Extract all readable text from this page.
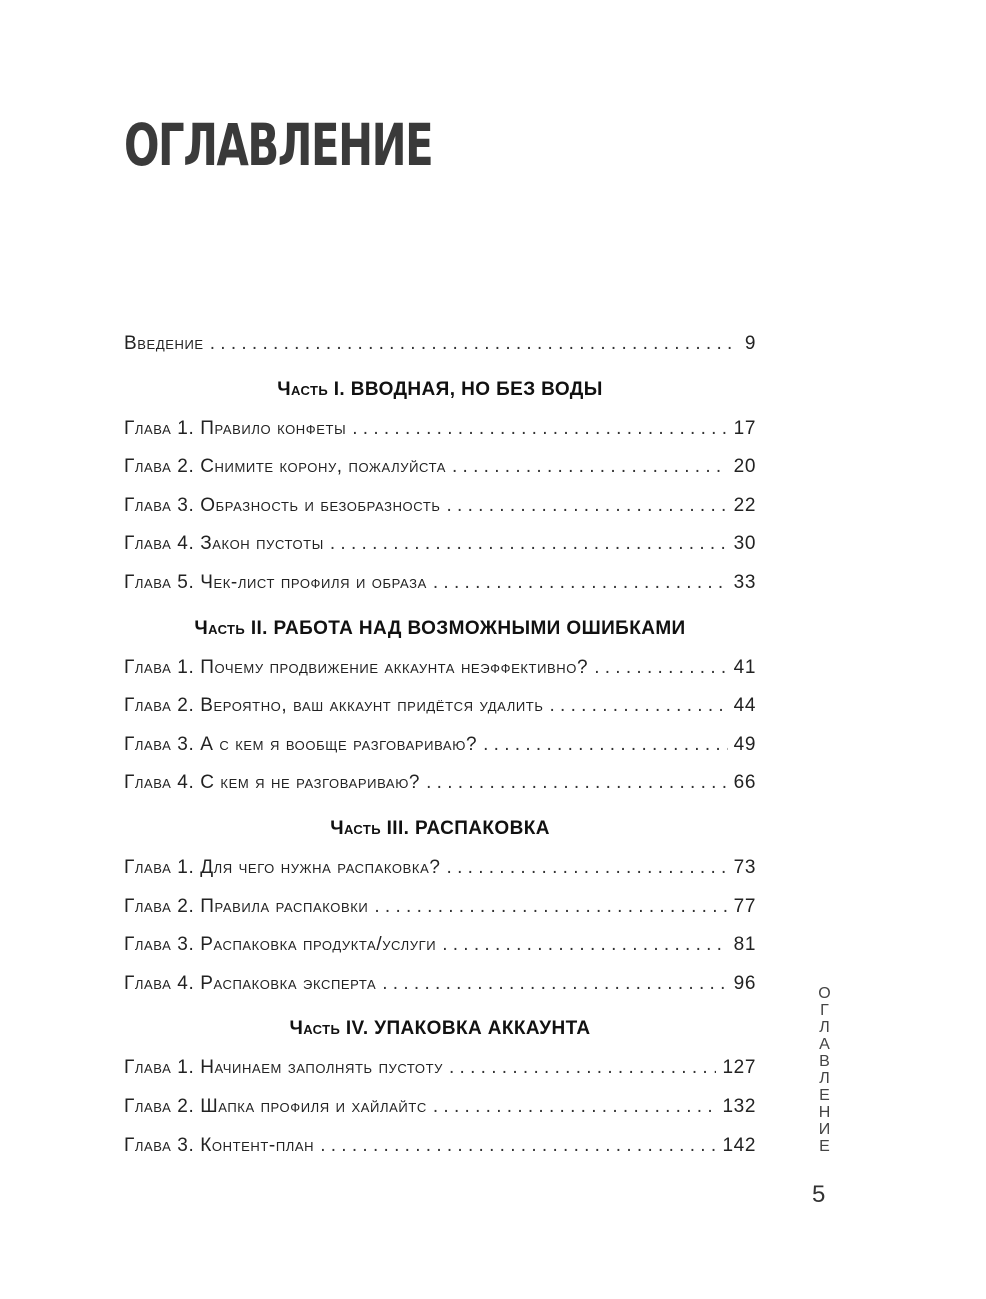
ОГЛАВЛЕНИЕ
Введение . . .	9
Часть I. ВВОДНАЯ, НО БЕЗ ВОДЫ
Глава 1. Правило конфеты . . .	17
Глава 2. Снимите корону, пожалуйста . . .	20
Глава 3. Образность и безобразность . . .	22
Глава 4. Закон пустоты . . .	30
Глава 5. Чек-лист профиля и образа . . .	33
Часть II. РАБОТА НАД ВОЗМОЖНЫМИ ОШИБКАМИ
Глава 1. Почему продвижение аккаунта неэффективно? . . .	41
Глава 2. Вероятно, ваш аккаунт придётся удалить . . .	44
Глава 3. А с кем я вообще разговариваю? . . .	49
Глава 4. С кем я не разговариваю? . . .	66
Часть III. РАСПАКОВКА
Глава 1. Для чего нужна распаковка? . . .	73
Глава 2. Правила распаковки . . .	77
Глава 3. Распаковка продукта/услуги . . .	81
Глава 4. Распаковка эксперта . . .	96
Часть IV. УПАКОВКА АККАУНТА
Глава 1. Начинаем заполнять пустоту . . .	127
Глава 2. Шапка профиля и хайлайтс . . .	132
Глава 3. Контент-план . . .	142	ОГЛАВЛЕНИЕ
5
